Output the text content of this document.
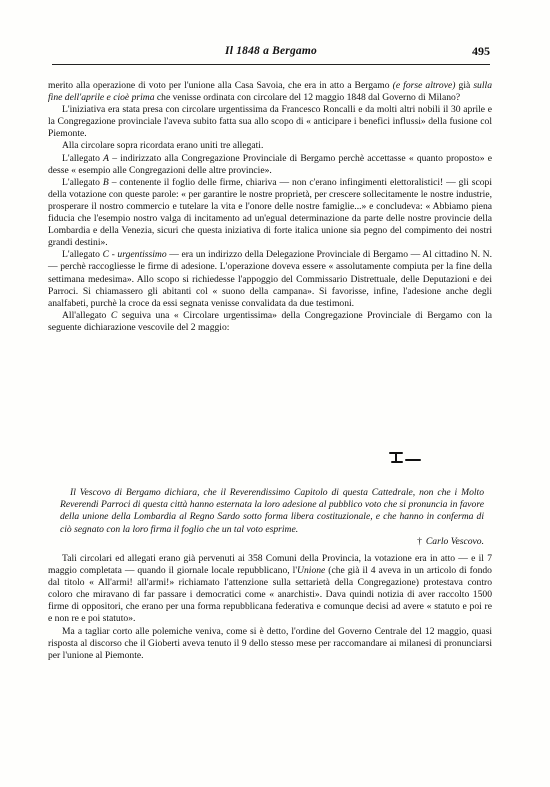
Il 1848 a Bergamo	495

merito alla operazione di voto per l'unione alla Casa Savoia, che era in atto a Bergamo (e forse altrove) già sulla fine dell'aprile e cioè prima che venisse ordinata con circolare del 12 maggio 1848 dal Governo di Milano?

L'iniziativa era stata presa con circolare urgentissima da Francesco Roncalli e da molti altri nobili il 30 aprile e la Congregazione provinciale l'aveva subito fatta sua allo scopo di « anticipare i benefici influssi» della fusione col Piemonte.

Alla circolare sopra ricordata erano uniti tre allegati.

L'allegato A – indirizzato alla Congregazione Provinciale di Bergamo perchè accettasse « quanto proposto» e desse « esempio alle Congregazioni delle altre provincie».

L'allegato B – contenente il foglio delle firme, chiariva — non c'erano infingimenti elettoralistici! — gli scopi della votazione con queste parole: « per garantire le nostre proprietà, per crescere sollecitamente le nostre industrie, prosperare il nostro commercio e tutelare la vita e l'onore delle nostre famiglie...» e concludeva: « Abbiamo piena fiducia che l'esempio nostro valga di incitamento ad un'egual determinazione da parte delle nostre provincie della Lombardia e della Venezia, sicuri che questa iniziativa di forte italica unione sia pegno del compimento dei nostri grandi destini».

L'allegato C - urgentissimo — era un indirizzo della Delegazione Provinciale di Bergamo — Al cittadino N. N. — perchè raccogliesse le firme di adesione. L'operazione doveva essere « assolutamente compiuta per la fine della settimana medesima». Allo scopo si richiedesse l'appoggio del Commissario Distrettuale, delle Deputazioni e dei Parroci. Si chiamassero gli abitanti col « suono della campana». Si favorisse, infine, l'adesione anche degli analfabeti, purchè la croce da essi segnata venisse convalidata da due testimoni.

All'allegato C seguiva una « Circolare urgentissima» della Congregazione Provinciale di Bergamo con la seguente dichiarazione vescovile del 2 maggio:

Il Vescovo di Bergamo dichiara, che il Reverendissimo Capitolo di questa Cattedrale, non che i Molto Reverendi Parroci di questa città hanno esternata la loro adesione al pubblico voto che si pronuncia in favore della unione della Lombardia al Regno Sardo sotto forma libera costituzionale, e che hanno in conferma di ciò segnato con la loro firma il foglio che un tal voto esprime.
† Carlo Vescovo.

Tali circolari ed allegati erano già pervenuti ai 358 Comuni della Provincia, la votazione era in atto — e il 7 maggio completata — quando il giornale locale repubblicano, l'Unione (che già il 4 aveva in un articolo di fondo dal titolo « All'armi! all'armi!» richiamato l'attenzione sulla settarietà della Congregazione) protestava contro coloro che miravano di far passare i democratici come « anarchisti». Dava quindi notizia di aver raccolto 1500 firme di oppositori, che erano per una forma repubblicana federativa e comunque decisi ad avere « statuto e poi re e non re e poi statuto».

Ma a tagliar corto alle polemiche veniva, come si è detto, l'ordine del Governo Centrale del 12 maggio, quasi risposta al discorso che il Gioberti aveva tenuto il 9 dello stesso mese per raccomandare ai milanesi di pronunciarsi per l'unione al Piemonte.
